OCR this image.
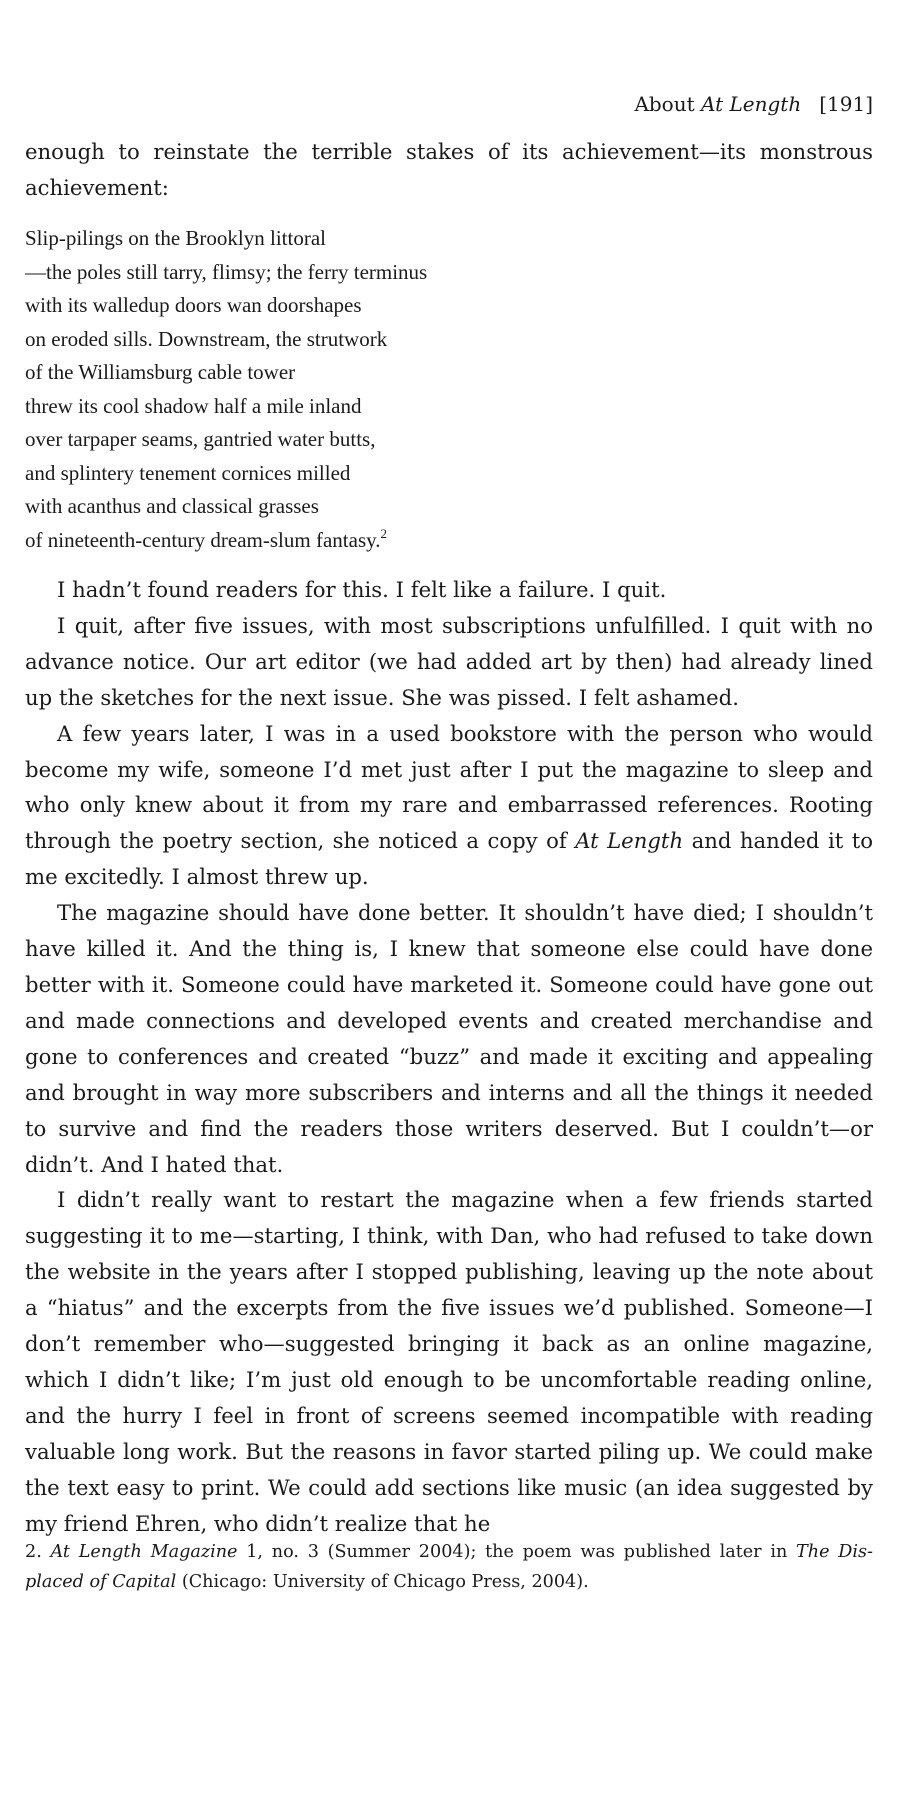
About At Length [191]

enough to reinstate the terrible stakes of its achievement—its monstrous achievement:

Slip-pilings on the Brooklyn littoral
—the poles still tarry, flimsy; the ferry terminus
with its walledup doors wan doorshapes
on eroded sills. Downstream, the strutwork
of the Williamsburg cable tower
threw its cool shadow half a mile inland
over tarpaper seams, gantried water butts,
and splintery tenement cornices milled
with acanthus and classical grasses
of nineteenth-century dream-slum fantasy.$^2$

I hadn’t found readers for this. I felt like a failure. I quit.

I quit, after five issues, with most subscriptions unfulfilled. I quit with no advance notice. Our art editor (we had added art by then) had already lined up the sketches for the next issue. She was pissed. I felt ashamed.

A few years later, I was in a used bookstore with the person who would become my wife, someone I’d met just after I put the magazine to sleep and who only knew about it from my rare and embarrassed references. Rooting through the poetry section, she noticed a copy of At Length and handed it to me excitedly. I almost threw up.

The magazine should have done better. It shouldn’t have died; I shouldn’t have killed it. And the thing is, I knew that someone else could have done better with it. Someone could have marketed it. Someone could have gone out and made connections and developed events and created merchandise and gone to conferences and created “buzz” and made it exciting and appealing and brought in way more subscribers and interns and all the things it needed to survive and find the readers those writers deserved. But I couldn’t—or didn’t. And I hated that.

I didn’t really want to restart the magazine when a few friends started suggesting it to me—starting, I think, with Dan, who had refused to take down the website in the years after I stopped publishing, leaving up the note about a “hiatus” and the excerpts from the five issues we’d published. Someone—I don’t remember who—suggested bringing it back as an online magazine, which I didn’t like; I’m just old enough to be uncomfortable reading online, and the hurry I feel in front of screens seemed incompatible with reading valuable long work. But the reasons in favor started piling up. We could make the text easy to print. We could add sections like music (an idea suggested by my friend Ehren, who didn’t realize that he

2. At Length Magazine 1, no. 3 (Summer 2004); the poem was published later in The Displaced of Capital (Chicago: University of Chicago Press, 2004).
